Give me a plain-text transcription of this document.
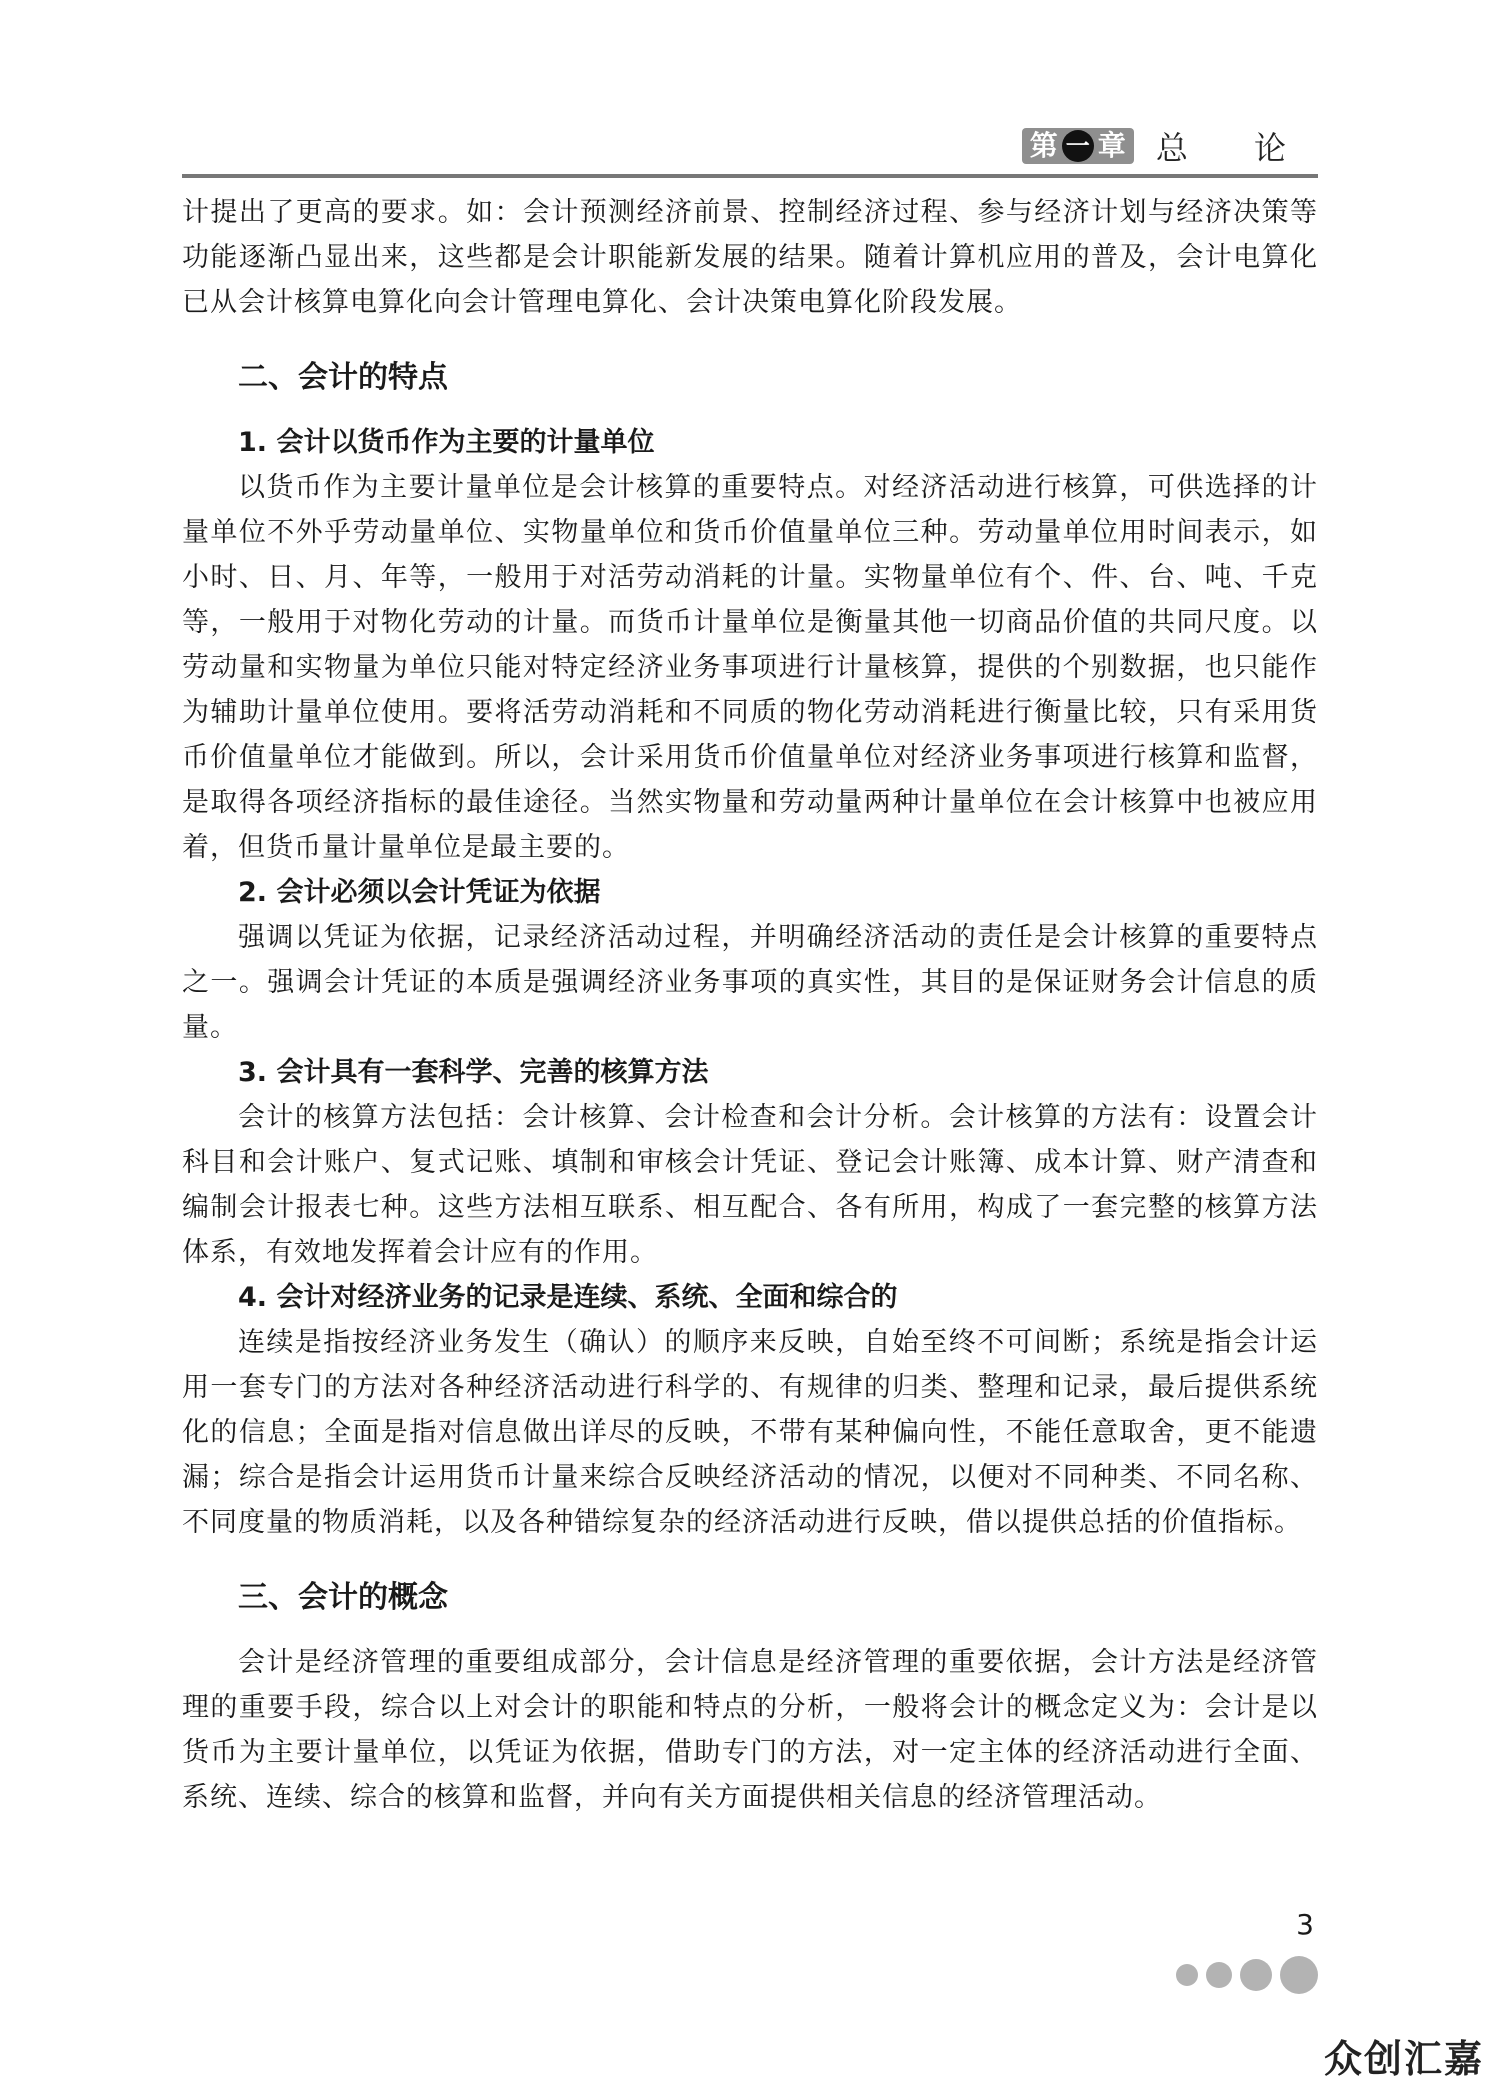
第 一 章 总 论

计提出了更高的要求。如：会计预测经济前景、控制经济过程、参与经济计划与经济决策等功能逐渐凸显出来，这些都是会计职能新发展的结果。随着计算机应用的普及，会计电算化已从会计核算电算化向会计管理电算化、会计决策电算化阶段发展。

二、会计的特点
1. 会计以货币作为主要的计量单位

以货币作为主要计量单位是会计核算的重要特点。对经济活动进行核算，可供选择的计量单位不外乎劳动量单位、实物量单位和货币价值量单位三种。劳动量单位用时间表示，如小时、日、月、年等，一般用于对活劳动消耗的计量。实物量单位有个、件、台、吨、千克等，一般用于对物化劳动的计量。而货币计量单位是衡量其他一切商品价值的共同尺度。以劳动量和实物量为单位只能对特定经济业务事项进行计量核算，提供的个别数据，也只能作为辅助计量单位使用。要将活劳动消耗和不同质的物化劳动消耗进行衡量比较，只有采用货币价值量单位才能做到。所以，会计采用货币价值量单位对经济业务事项进行核算和监督，是取得各项经济指标的最佳途径。当然实物量和劳动量两种计量单位在会计核算中也被应用着，但货币量计量单位是最主要的。

2. 会计必须以会计凭证为依据

强调以凭证为依据，记录经济活动过程，并明确经济活动的责任是会计核算的重要特点之一。强调会计凭证的本质是强调经济业务事项的真实性，其目的是保证财务会计信息的质量。

3. 会计具有一套科学、完善的核算方法

会计的核算方法包括：会计核算、会计检查和会计分析。会计核算的方法有：设置会计科目和会计账户、复式记账、填制和审核会计凭证、登记会计账簿、成本计算、财产清查和编制会计报表七种。这些方法相互联系、相互配合、各有所用，构成了一套完整的核算方法体系，有效地发挥着会计应有的作用。

4. 会计对经济业务的记录是连续、系统、全面和综合的

连续是指按经济业务发生（确认）的顺序来反映，自始至终不可间断；系统是指会计运用一套专门的方法对各种经济活动进行科学的、有规律的归类、整理和记录，最后提供系统化的信息；全面是指对信息做出详尽的反映，不带有某种偏向性，不能任意取舍，更不能遗漏；综合是指会计运用货币计量来综合反映经济活动的情况，以便对不同种类、不同名称、不同度量的物质消耗，以及各种错综复杂的经济活动进行反映，借以提供总括的价值指标。

三、会计的概念

会计是经济管理的重要组成部分，会计信息是经济管理的重要依据，会计方法是经济管理的重要手段，综合以上对会计的职能和特点的分析，一般将会计的概念定义为：会计是以货币为主要计量单位，以凭证为依据，借助专门的方法，对一定主体的经济活动进行全面、系统、连续、综合的核算和监督，并向有关方面提供相关信息的经济管理活动。

3
众创汇嘉
